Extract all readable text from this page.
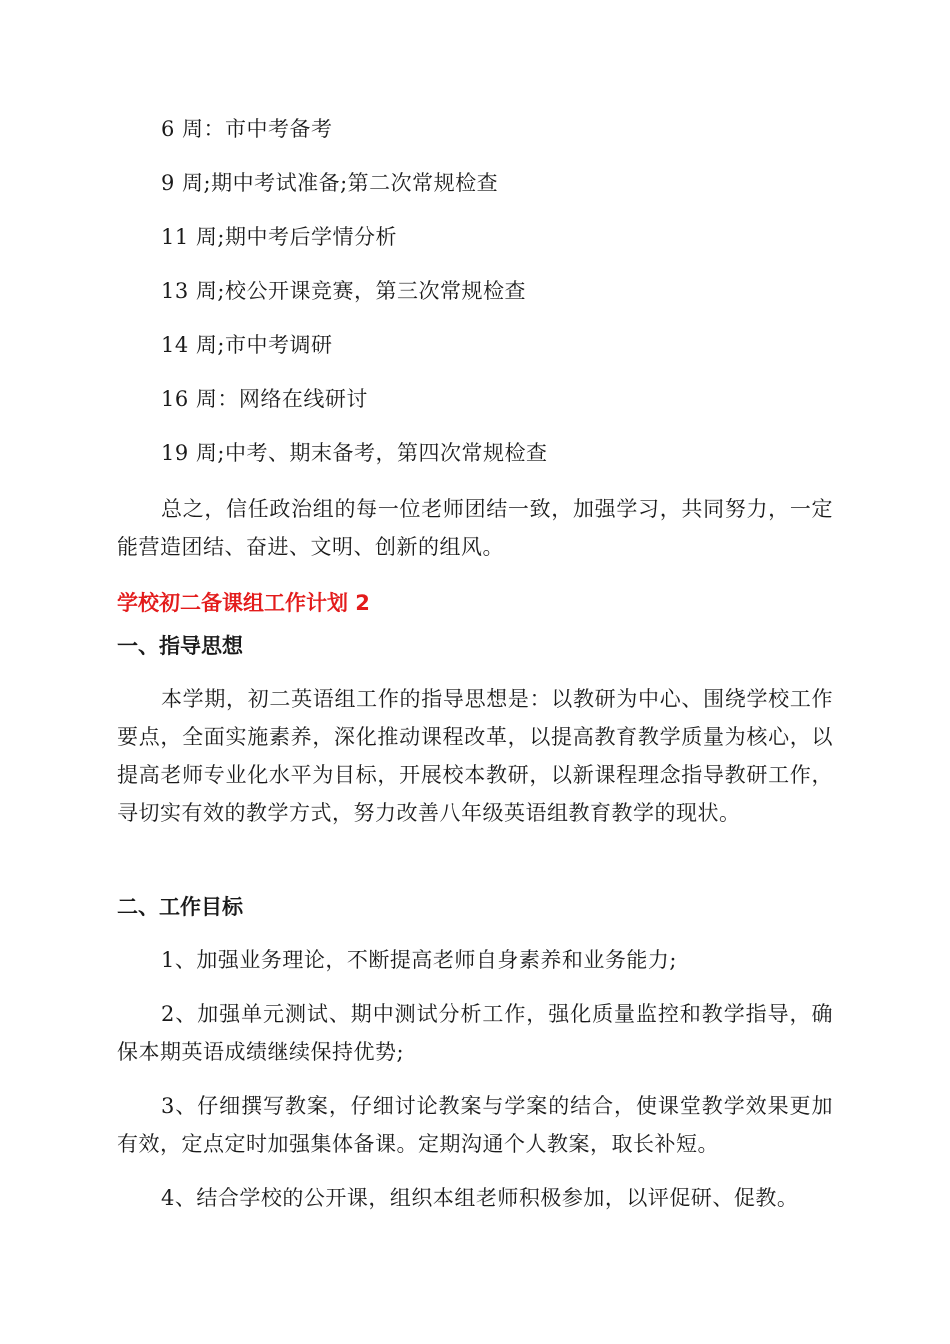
6 周：市中考备考
9 周;期中考试准备;第二次常规检查
11 周;期中考后学情分析
13 周;校公开课竞赛，第三次常规检查
14 周;市中考调研
16 周：网络在线研讨
19 周;中考、期末备考，第四次常规检查
总之，信任政治组的每一位老师团结一致，加强学习，共同努力，一定能营造团结、奋进、文明、创新的组风。
学校初二备课组工作计划 2
一、指导思想
本学期，初二英语组工作的指导思想是：以教研为中心、围绕学校工作要点，全面实施素养，深化推动课程改革，以提高教育教学质量为核心，以提高老师专业化水平为目标，开展校本教研，以新课程理念指导教研工作，寻切实有效的教学方式，努力改善八年级英语组教育教学的现状。
二、工作目标
1、加强业务理论，不断提高老师自身素养和业务能力;
2、加强单元测试、期中测试分析工作，强化质量监控和教学指导，确保本期英语成绩继续保持优势;
3、仔细撰写教案，仔细讨论教案与学案的结合，使课堂教学效果更加有效，定点定时加强集体备课。定期沟通个人教案，取长补短。
4、结合学校的公开课，组织本组老师积极参加，以评促研、促教。
